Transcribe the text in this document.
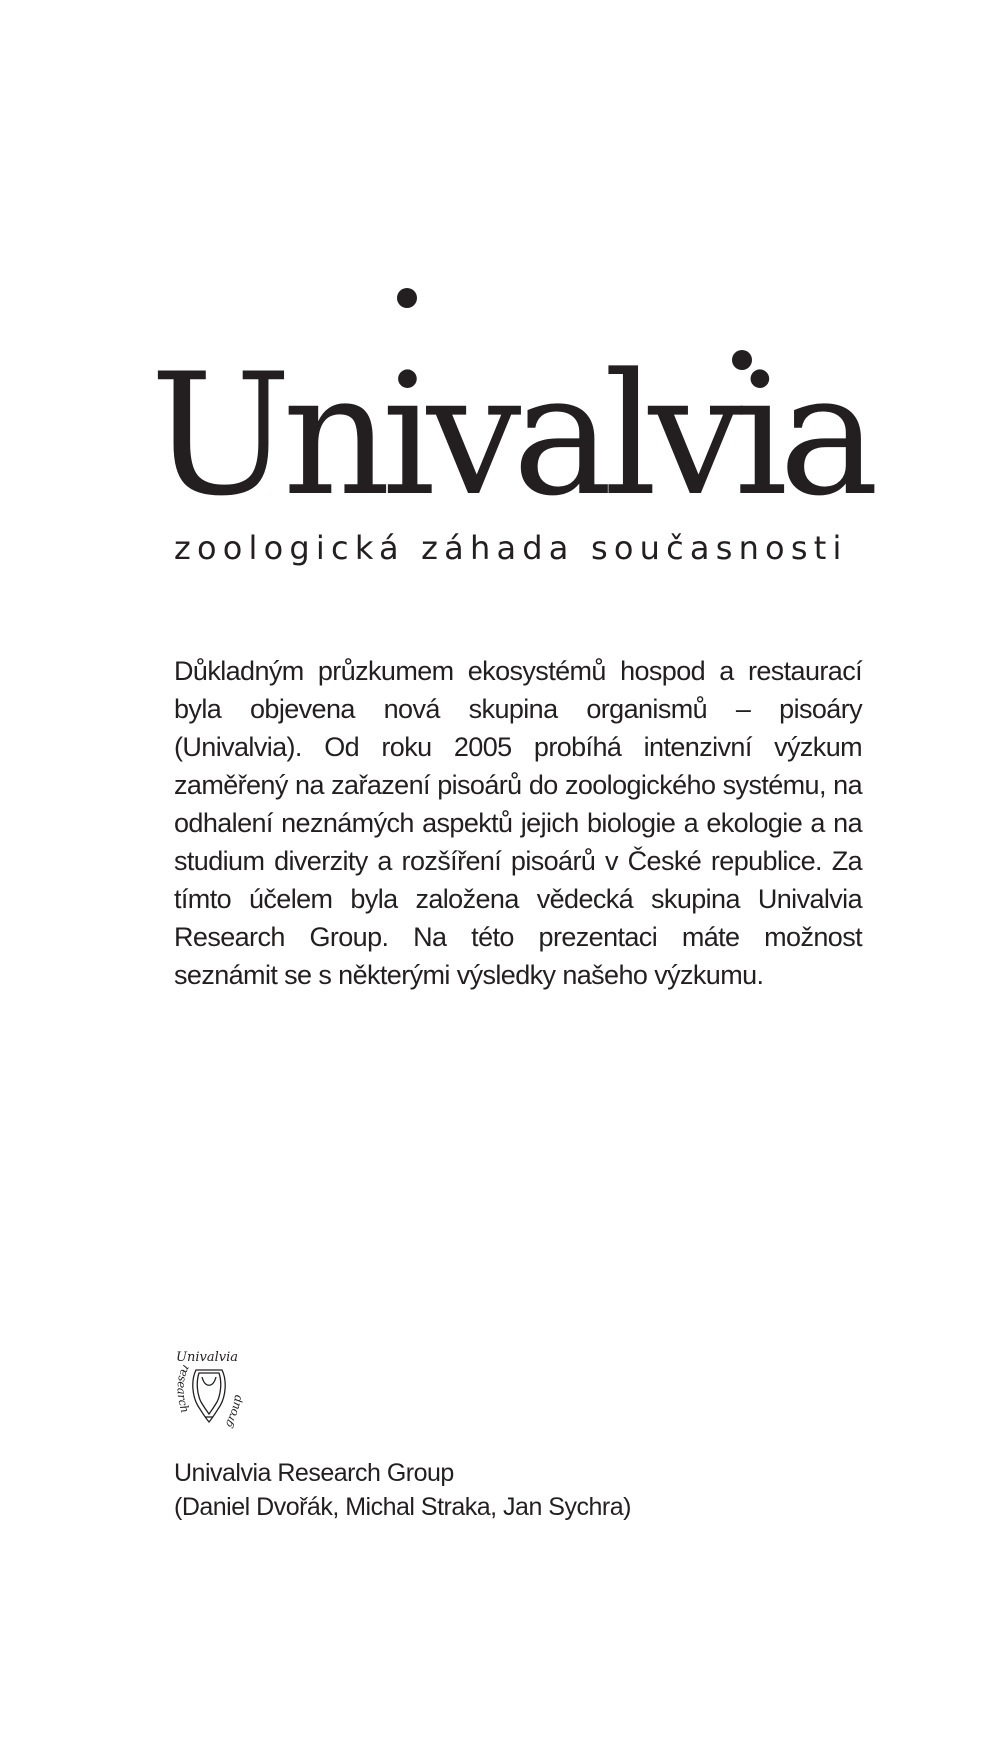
Univalvia

zoologická záhada současnosti

Důkladným průzkumem ekosystémů hospod a restaurací byla objevena nová skupina organismů – pisoáry (Univalvia). Od roku 2005 probíhá intenzivní výzkum zaměřený na zařazení pisoárů do zoologického systému, na odhalení neznámých aspektů jejich biologie a ekologie a na studium diverzity a rozšíření pisoárů v České republice. Za tímto účelem byla založena vědecká skupina Univalvia Research Group. Na této prezentaci máte možnost seznámit se s některými výsledky našeho výzkumu.

Univalvia
research
group
Univalvia Research Group
(Daniel Dvořák, Michal Straka, Jan Sychra)
